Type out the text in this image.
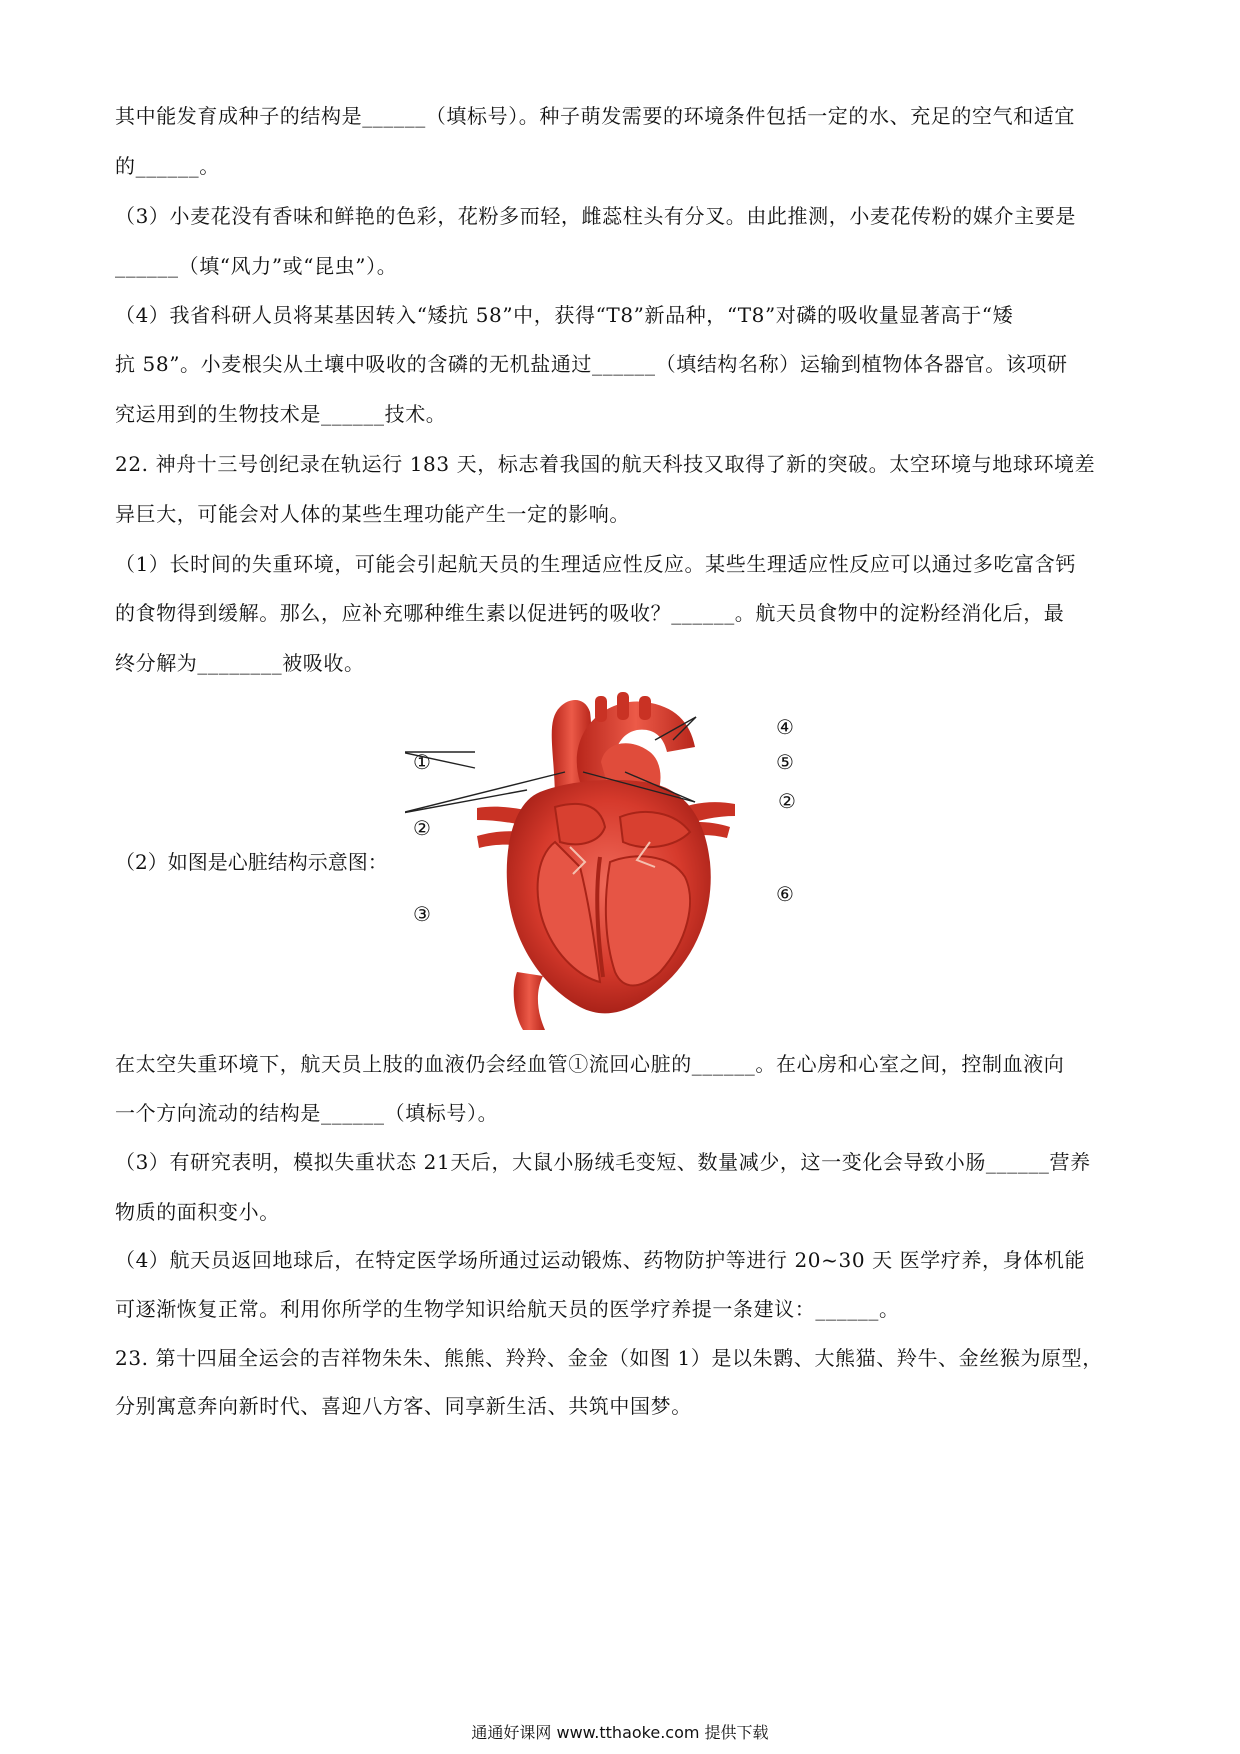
其中能发育成种子的结构是______（填标号）。种子萌发需要的环境条件包括一定的水、充足的空气和适宜
的______。
（3）小麦花没有香味和鲜艳的色彩，花粉多而轻，雌蕊柱头有分叉。由此推测，小麦花传粉的媒介主要是
______（填“风力”或“昆虫”）。
（4）我省科研人员将某基因转入“矮抗 58”中，获得“T8”新品种，“T8”对磷的吸收量显著高于“矮
抗 58”。小麦根尖从土壤中吸收的含磷的无机盐通过______（填结构名称）运输到植物体各器官。该项研
究运用到的生物技术是______技术。
22. 神舟十三号创纪录在轨运行 183 天，标志着我国的航天科技又取得了新的突破。太空环境与地球环境差
异巨大，可能会对人体的某些生理功能产生一定的影响。
（1）长时间的失重环境，可能会引起航天员的生理适应性反应。某些生理适应性反应可以通过多吃富含钙
的食物得到缓解。那么，应补充哪种维生素以促进钙的吸收？______。航天员食物中的淀粉经消化后，最
终分解为________被吸收。
（2）如图是心脏结构示意图：
①
②
③
④
⑤
②
⑥
在太空失重环境下，航天员上肢的血液仍会经血管①流回心脏的______。在心房和心室之间，控制血液向
一个方向流动的结构是______（填标号）。
（3）有研究表明，模拟失重状态 21天后，大鼠小肠绒毛变短、数量减少，这一变化会导致小肠______营养
物质的面积变小。
（4）航天员返回地球后，在特定医学场所通过运动锻炼、药物防护等进行 20~30 天 医学疗养，身体机能
可逐渐恢复正常。利用你所学的生物学知识给航天员的医学疗养提一条建议：______。
23. 第十四届全运会的吉祥物朱朱、熊熊、羚羚、金金（如图 1）是以朱鹮、大熊猫、羚牛、金丝猴为原型，
分别寓意奔向新时代、喜迎八方客、同享新生活、共筑中国梦。
通通好课网 www.tthaoke.com 提供下载
